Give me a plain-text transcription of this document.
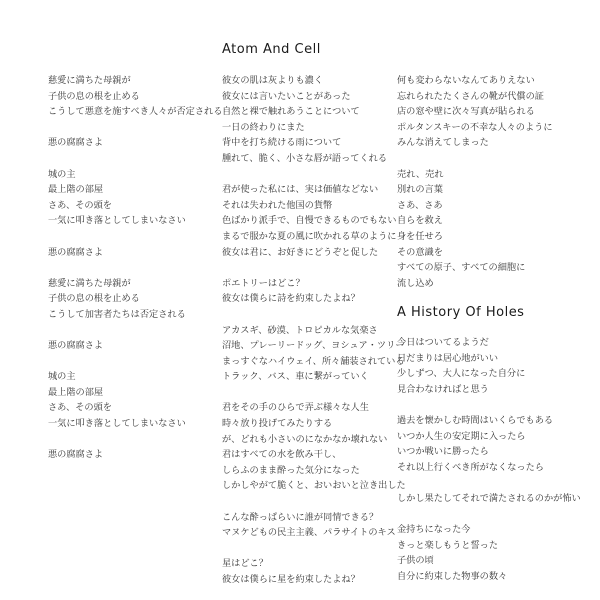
Atom And Cell
A History Of Holes
慈愛に満ちた母親が
子供の息の根を止める
こうして悪意を施すべき人々が否定される
悪の腐腐さよ
城の主
最上階の部屋
さあ、その頭を
一気に叩き落としてしまいなさい
悪の腐腐さよ
慈愛に満ちた母親が
子供の息の根を止める
こうして加害者たちは否定される
悪の腐腐さよ
城の主
最上階の部屋
さあ、その頭を
一気に叩き落としてしまいなさい
悪の腐腐さよ
彼女の肌は灰よりも濃く
彼女には言いたいことがあった
自然と裸で触れあうことについて
一日の終わりにまた
背中を打ち続ける雨について
腫れて、脆く、小さな唇が語ってくれる
君が使った私には、実は価値などない
それは失われた他国の貨幣
色ばかり派手で、自慢できるものでもない
まるで服かな夏の風に吹かれる草のように
彼女は君に、お好きにどうぞと促した
ポエトリーはどこ？
彼女は僕らに詩を約束したよね？
アカスギ、砂漠、トロピカルな気楽さ
沼地、プレーリードッグ、ヨシュア・ツリー
まっすぐなハイウェイ、所々舗装されている
トラック、バス、車に繋がっていく
君をその手のひらで弄ぶ様々な人生
時々放り投げてみたりする
が、どれも小さいのになかなか壊れない
君はすべての水を飲み干し、
しらふのまま酔った気分になった
しかしやがて脆くと、おいおいと泣き出した
こんな酔っぱらいに誰が同情できる？
マヌケどもの民主主義、パラサイトのキス
星はどこ？
彼女は僕らに星を約束したよね？
何も変わらないなんてありえない
忘れられたたくさんの靴が代償の証
店の窓や壁に次々写真が貼られる
ポルタンスキーの不幸な人々のように
みんな消えてしまった
売れ、売れ
別れの言葉
さあ、さあ
自らを救え
身を任せろ
その意識を
すべての原子、すべての細胞に
流し込め
今日はついてるようだ
日だまりは居心地がいい
少しずつ、大人になった自分に
見合わなければと思う
過去を懐かしむ時間はいくらでもある
いつか人生の安定期に入ったら
いつか戦いに勝ったら
それ以上行くべき所がなくなったら
しかし果たしてそれで満たされるのかが怖い
金持ちになった今
きっと楽しもうと誓った
子供の頃
自分に約束した物事の数々
